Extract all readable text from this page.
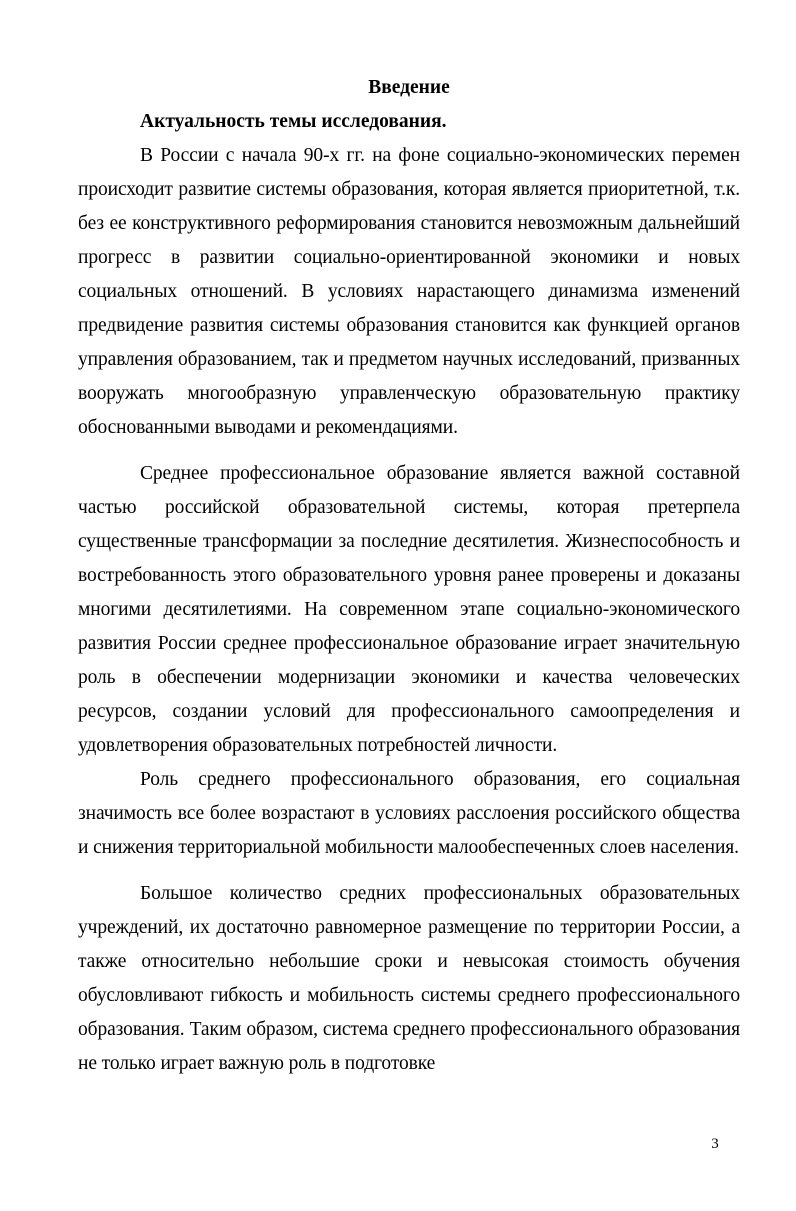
Введение
Актуальность темы исследования.

В России с начала 90-х гг. на фоне социально-экономических перемен происходит развитие системы образования, которая является приоритетной, т.к. без ее конструктивного реформирования становится невозможным дальнейший прогресс в развитии социально-ориентированной экономики и новых социальных отношений. В условиях нарастающего динамизма изменений предвидение развития системы образования становится как функцией органов управления образованием, так и предметом научных исследований, призванных вооружать многообразную управленческую образовательную практику обоснованными выводами и рекомендациями.

Среднее профессиональное образование является важной составной частью российской образовательной системы, которая претерпела существенные трансформации за последние десятилетия. Жизнеспособность и востребованность этого образовательного уровня ранее проверены и доказаны многими десятилетиями. На современном этапе социально-экономического развития России среднее профессиональное образование играет значительную роль в обеспечении модернизации экономики и качества человеческих ресурсов, создании условий для профессионального самоопределения и удовлетворения образовательных потребностей личности.

Роль среднего профессионального образования, его социальная значимость все более возрастают в условиях расслоения российского общества и снижения территориальной мобильности малообеспеченных слоев населения.

Большое количество средних профессиональных образовательных учреждений, их достаточно равномерное размещение по территории России, а также относительно небольшие сроки и невысокая стоимость обучения обусловливают гибкость и мобильность системы среднего профессионального образования. Таким образом, система среднего профессионального образования не только играет важную роль в подготовке

3
